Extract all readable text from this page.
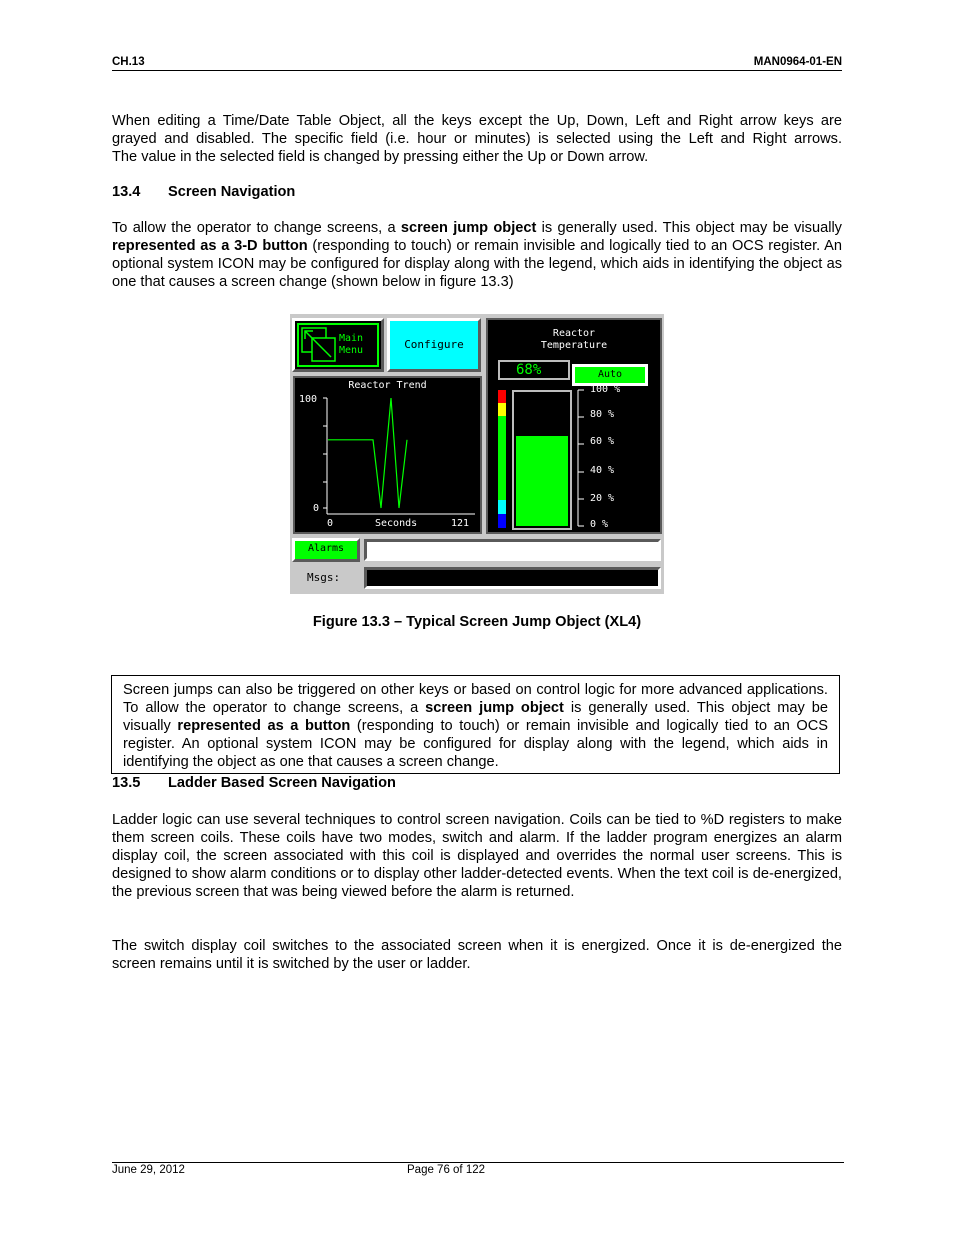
CH.13	MAN0964-01-EN
When editing a Time/Date Table Object, all the keys except the Up, Down, Left and Right arrow keys are
grayed and disabled. The specific field (i.e. hour or minutes) is selected using the Left and Right arrows.
The value in the selected field is changed by pressing either the Up or Down arrow.
13.4 Screen Navigation
To allow the operator to change screens, a screen jump object is generally used. This object may be visually represented as a 3-D button (responding to touch) or remain invisible and logically tied to an OCS register. An optional system ICON may be configured for display along with the legend, which aids in identifying the object as one that causes a screen change (shown below in figure 13.3)
Main
Menu	Configure
Reactor
Temperature
68%	Auto
100 %
80 %
60 %
40 %
20 %
0 %
Reactor Trend
100
0
0	Seconds	121
Alarms
Msgs:
Figure 13.3 – Typical Screen Jump Object (XL4)
Screen jumps can also be triggered on other keys or based on control logic for more advanced applications. To allow the operator to change screens, a screen jump object is generally used. This object may be visually represented as a button (responding to touch) or remain invisible and logically tied to an OCS register. An optional system ICON may be configured for display along with the legend, which aids in identifying the object as one that causes a screen change.
13.5 Ladder Based Screen Navigation
Ladder logic can use several techniques to control screen navigation. Coils can be tied to %D registers to make them screen coils. These coils have two modes, switch and alarm. If the ladder program energizes an alarm display coil, the screen associated with this coil is displayed and overrides the normal user screens. This is designed to show alarm conditions or to display other ladder-detected events. When the text coil is de-energized, the previous screen that was being viewed before the alarm is returned.
The switch display coil switches to the associated screen when it is energized. Once it is de-energized the screen remains until it is switched by the user or ladder.
June 29, 2012	Page 76 of 122
